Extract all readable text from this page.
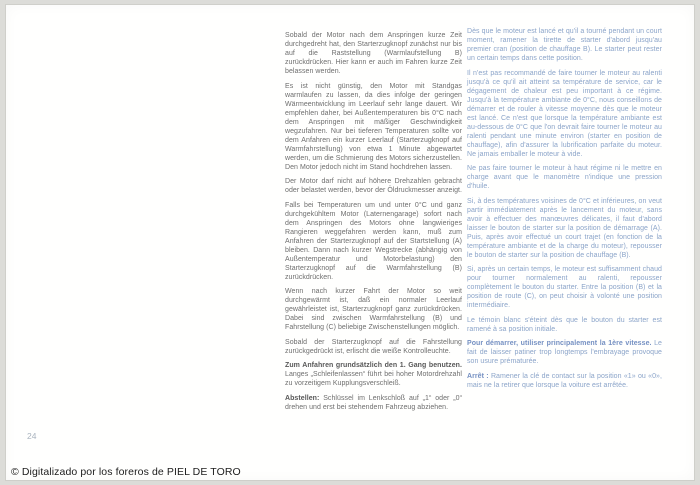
24

Sobald der Motor nach dem Anspringen kurze Zeit durchgedreht hat, den Starterzugknopf zunächst nur bis auf die Raststellung (Warmlaufstellung B) zurückdrücken. Hier kann er auch im Fahren kurze Zeit belassen werden.

Es ist nicht günstig, den Motor mit Standgas warmlaufen zu lassen, da dies infolge der geringen Wärmeentwicklung im Leerlauf sehr lange dauert. Wir empfehlen daher, bei Außentemperaturen bis 0°C nach dem Anspringen mit mäßiger Geschwindigkeit wegzufahren. Nur bei tieferen Temperaturen sollte vor dem Anfahren ein kurzer Leerlauf (Starterzugknopf auf Warmfahrstellung) von etwa 1 Minute abgewartet werden, um die Schmierung des Motors sicherzustellen. Den Motor jedoch nicht im Stand hochdrehen lassen.

Der Motor darf nicht auf höhere Drehzahlen gebracht oder belastet werden, bevor der Öldruckmesser anzeigt.

Falls bei Temperaturen um und unter 0°C und ganz durchgekühltem Motor (Laternengarage) sofort nach dem Anspringen des Motors ohne langwieriges Rangieren weggefahren werden kann, muß zum Anfahren der Starterzugknopf auf der Startstellung (A) bleiben. Dann nach kurzer Wegstrecke (abhängig von Außentemperatur und Motorbelastung) den Starterzugknopf auf die Warmfahrstellung (B) zurückdrücken.

Wenn nach kurzer Fahrt der Motor so weit durchgewärmt ist, daß ein normaler Leerlauf gewährleistet ist, Starterzugknopf ganz zurückdrücken. Dabei sind zwischen Warmfahrstellung (B) und Fahrstellung (C) beliebige Zwischenstellungen möglich.

Sobald der Starterzugknopf auf die Fahrstellung zurückgedrückt ist, erlischt die weiße Kontrolleuchte.

Zum Anfahren grundsätzlich den 1. Gang benutzen. Langes „Schleifenlassen“ führt bei hoher Motordrehzahl zu vorzeitigem Kupplungsverschleiß.

Abstellen: Schlüssel im Lenkschloß auf „1“ oder „0“ drehen und erst bei stehendem Fahrzeug abziehen.

Dès que le moteur est lancé et qu'il a tourné pendant un court moment, ramener la tirette de starter d'abord jusqu'au premier cran (position de chauffage B). Le starter peut rester un certain temps dans cette position.

Il n'est pas recommandé de faire tourner le moteur au ralenti jusqu'à ce qu'il ait atteint sa température de service, car le dégagement de chaleur est peu important à ce régime. Jusqu'à la température ambiante de 0°C, nous conseillons de démarrer et de rouler à vitesse moyenne dès que le moteur est lancé. Ce n'est que lorsque la température ambiante est au-dessous de 0°C que l'on devrait faire tourner le moteur au ralenti pendant une minute environ (starter en position de chauffage), afin d'assurer la lubrification parfaite du moteur. Ne jamais emballer le moteur à vide.

Ne pas faire tourner le moteur à haut régime ni le mettre en charge avant que le manomètre n'indique une pression d'huile.

Si, à des températures voisines de 0°C et inférieures, on veut partir immédiatement après le lancement du moteur, sans avoir à effectuer des manœuvres délicates, il faut d'abord laisser le bouton de starter sur la position de démarrage (A). Puis, après avoir effectué un court trajet (en fonction de la température ambiante et de la charge du moteur), repousser le bouton de starter sur la position de chauffage (B).

Si, après un certain temps, le moteur est suffisamment chaud pour tourner normalement au ralenti, repousser complètement le bouton du starter. Entre la position (B) et la position de route (C), on peut choisir à volonté une position intermédiaire.

Le témoin blanc s'éteint dès que le bouton du starter est ramené à sa position initiale.

Pour démarrer, utiliser principalement la 1ère vitesse. Le fait de laisser patiner trop longtemps l'embrayage provoque son usure prématurée.

Arrêt : Ramener la clé de contact sur la position «1» ou «0», mais ne la retirer que lorsque la voiture est arrêtée.

© Digitalizado por los foreros de PIEL DE TORO
